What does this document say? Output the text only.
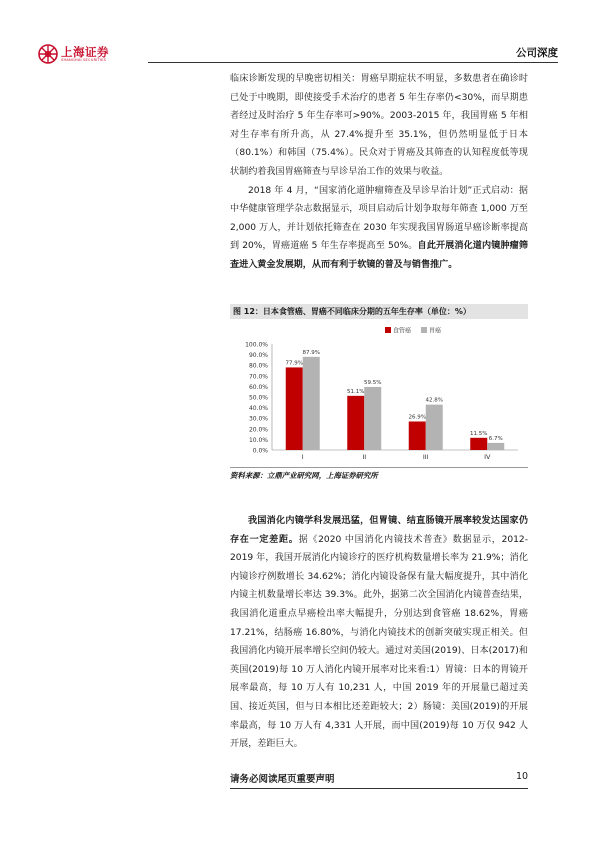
上海证券
SHANGHAI SECURITIES
公司深度

临床诊断发现的早晚密切相关：胃癌早期症状不明显，多数患者在确诊时已处于中晚期，即使接受手术治疗的患者 5 年生存率仍<30%，而早期患者经过及时治疗 5 年生存率可>90%。2003-2015 年，我国胃癌 5 年相对生存率有所升高，从 27.4%提升至 35.1%，但仍然明显低于日本（80.1%）和韩国（75.4%）。民众对于胃癌及其筛查的认知程度低等现状制约着我国胃癌筛查与早诊早治工作的效果与收益。

2018 年 4 月，“国家消化道肿瘤筛查及早诊早治计划”正式启动：据中华健康管理学杂志数据显示，项目启动后计划争取每年筛查 1,000 万至 2,000 万人，并计划依托筛查在 2030 年实现我国胃肠道早癌诊断率提高到 20%，胃癌道癌 5 年生存率提高至 50%。自此开展消化道内镜肿瘤筛查进入黄金发展期，从而有利于软镜的普及与销售推广。

图 12：日本食管癌、胃癌不同临床分期的五年生存率（单位：%）
0.0%
10.0%
20.0%
30.0%
40.0%
50.0%
60.0%
70.0%
80.0%
90.0%
100.0%
77.9%
87.9%
I
51.1%
59.5%
II
26.9%
42.8%
III
11.5%
6.7%
IV
食管癌	胃癌
资料来源：立鼎产业研究网，上海证券研究所

我国消化内镜学科发展迅猛，但胃镜、结直肠镜开展率较发达国家仍存在一定差距。据《2020 中国消化内镜技术普查》数据显示，2012-2019 年，我国开展消化内镜诊疗的医疗机构数量增长率为 21.9%；消化内镜诊疗例数增长 34.62%；消化内镜设备保有量大幅度提升，其中消化内镜主机数量增长率达 39.3%。此外，据第二次全国消化内镜普查结果，我国消化道重点早癌检出率大幅提升，分别达到食管癌 18.62%，胃癌 17.21%，结肠癌 16.80%，与消化内镜技术的创新突破实现正相关。但我国消化内镜开展率增长空间仍较大。通过对美国(2019)、日本(2017)和英国(2019)每 10 万人消化内镜开展率对比来看:1）胃镜：日本的胃镜开展率最高，每 10 万人有 10,231 人，中国 2019 年的开展量已超过美国、接近英国，但与日本相比还差距较大；2）肠镜：美国(2019)的开展率最高，每 10 万人有 4,331 人开展，而中国(2019)每 10 万仅 942 人开展，差距巨大。

请务必阅读尾页重要声明	10
